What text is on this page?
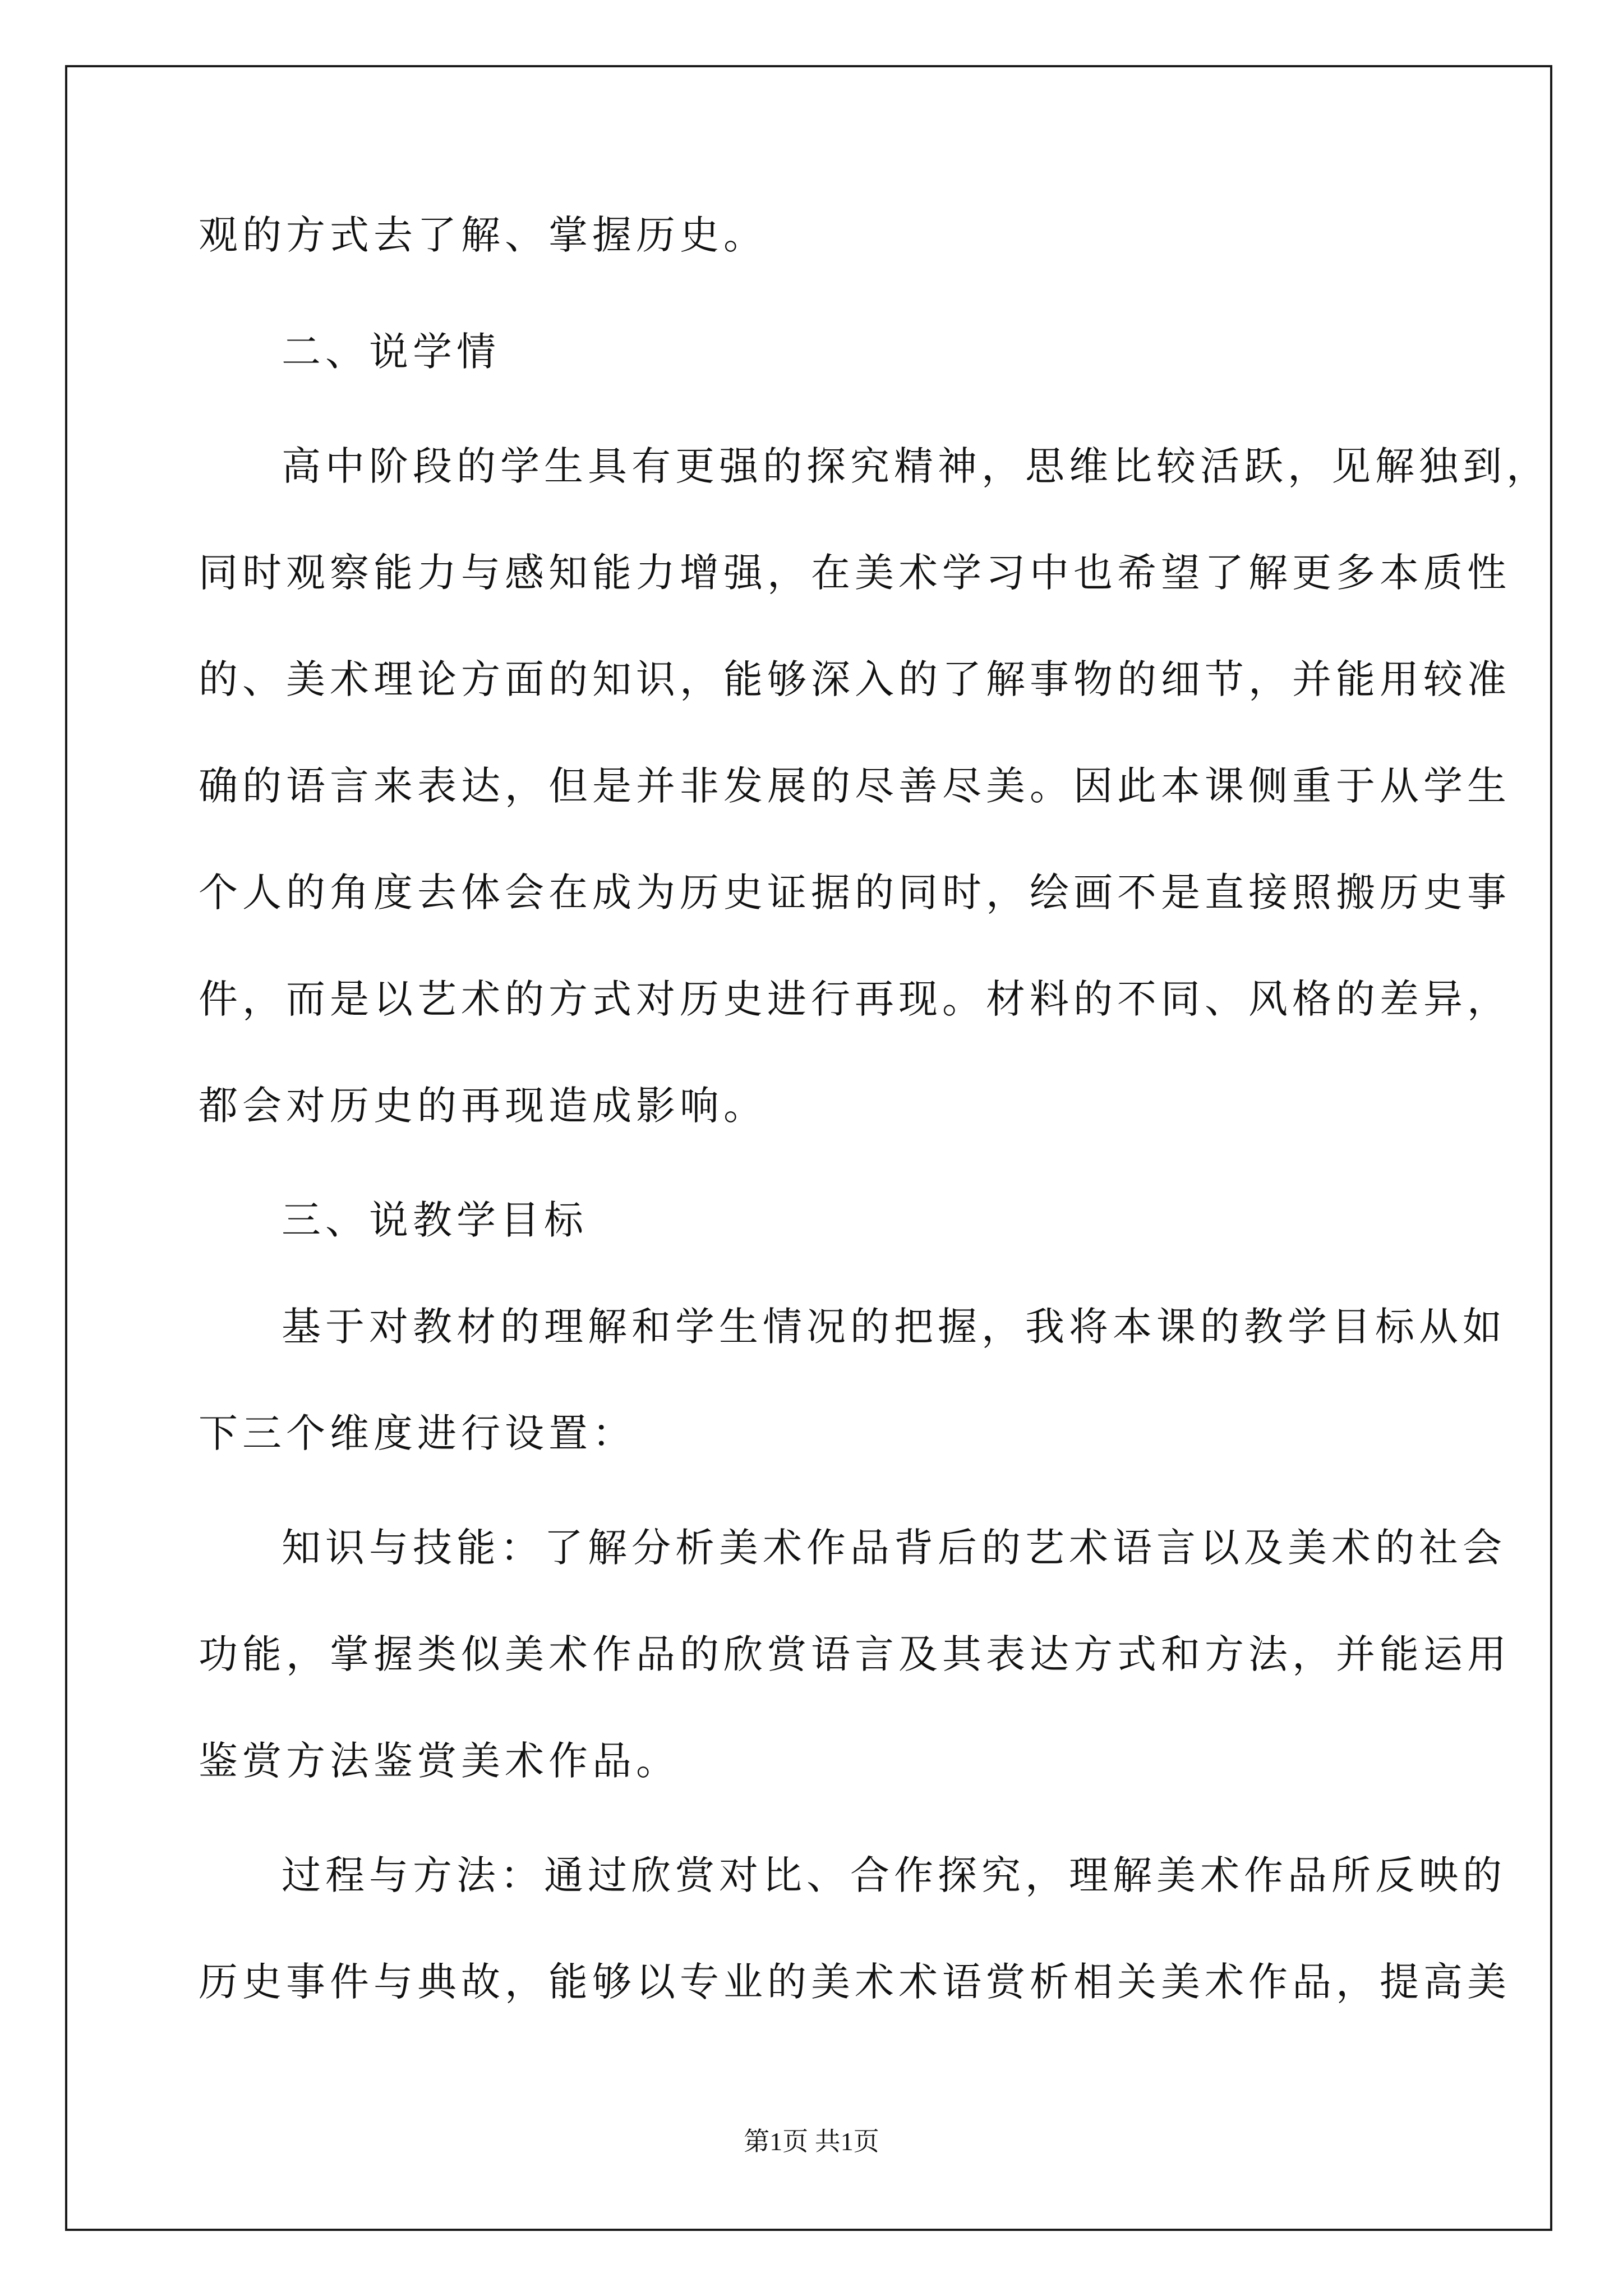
观的方式去了解、掌握历史。
二、说学情
高中阶段的学生具有更强的探究精神，思维比较活跃，见解独到，
同时观察能力与感知能力增强，在美术学习中也希望了解更多本质性
的、美术理论方面的知识，能够深入的了解事物的细节，并能用较准
确的语言来表达，但是并非发展的尽善尽美。因此本课侧重于从学生
个人的角度去体会在成为历史证据的同时，绘画不是直接照搬历史事
件，而是以艺术的方式对历史进行再现。材料的不同、风格的差异，
都会对历史的再现造成影响。
三、说教学目标
基于对教材的理解和学生情况的把握，我将本课的教学目标从如
下三个维度进行设置：
知识与技能：了解分析美术作品背后的艺术语言以及美术的社会
功能，掌握类似美术作品的欣赏语言及其表达方式和方法，并能运用
鉴赏方法鉴赏美术作品。
过程与方法：通过欣赏对比、合作探究，理解美术作品所反映的
历史事件与典故，能够以专业的美术术语赏析相关美术作品，提高美
第1页 共1页
